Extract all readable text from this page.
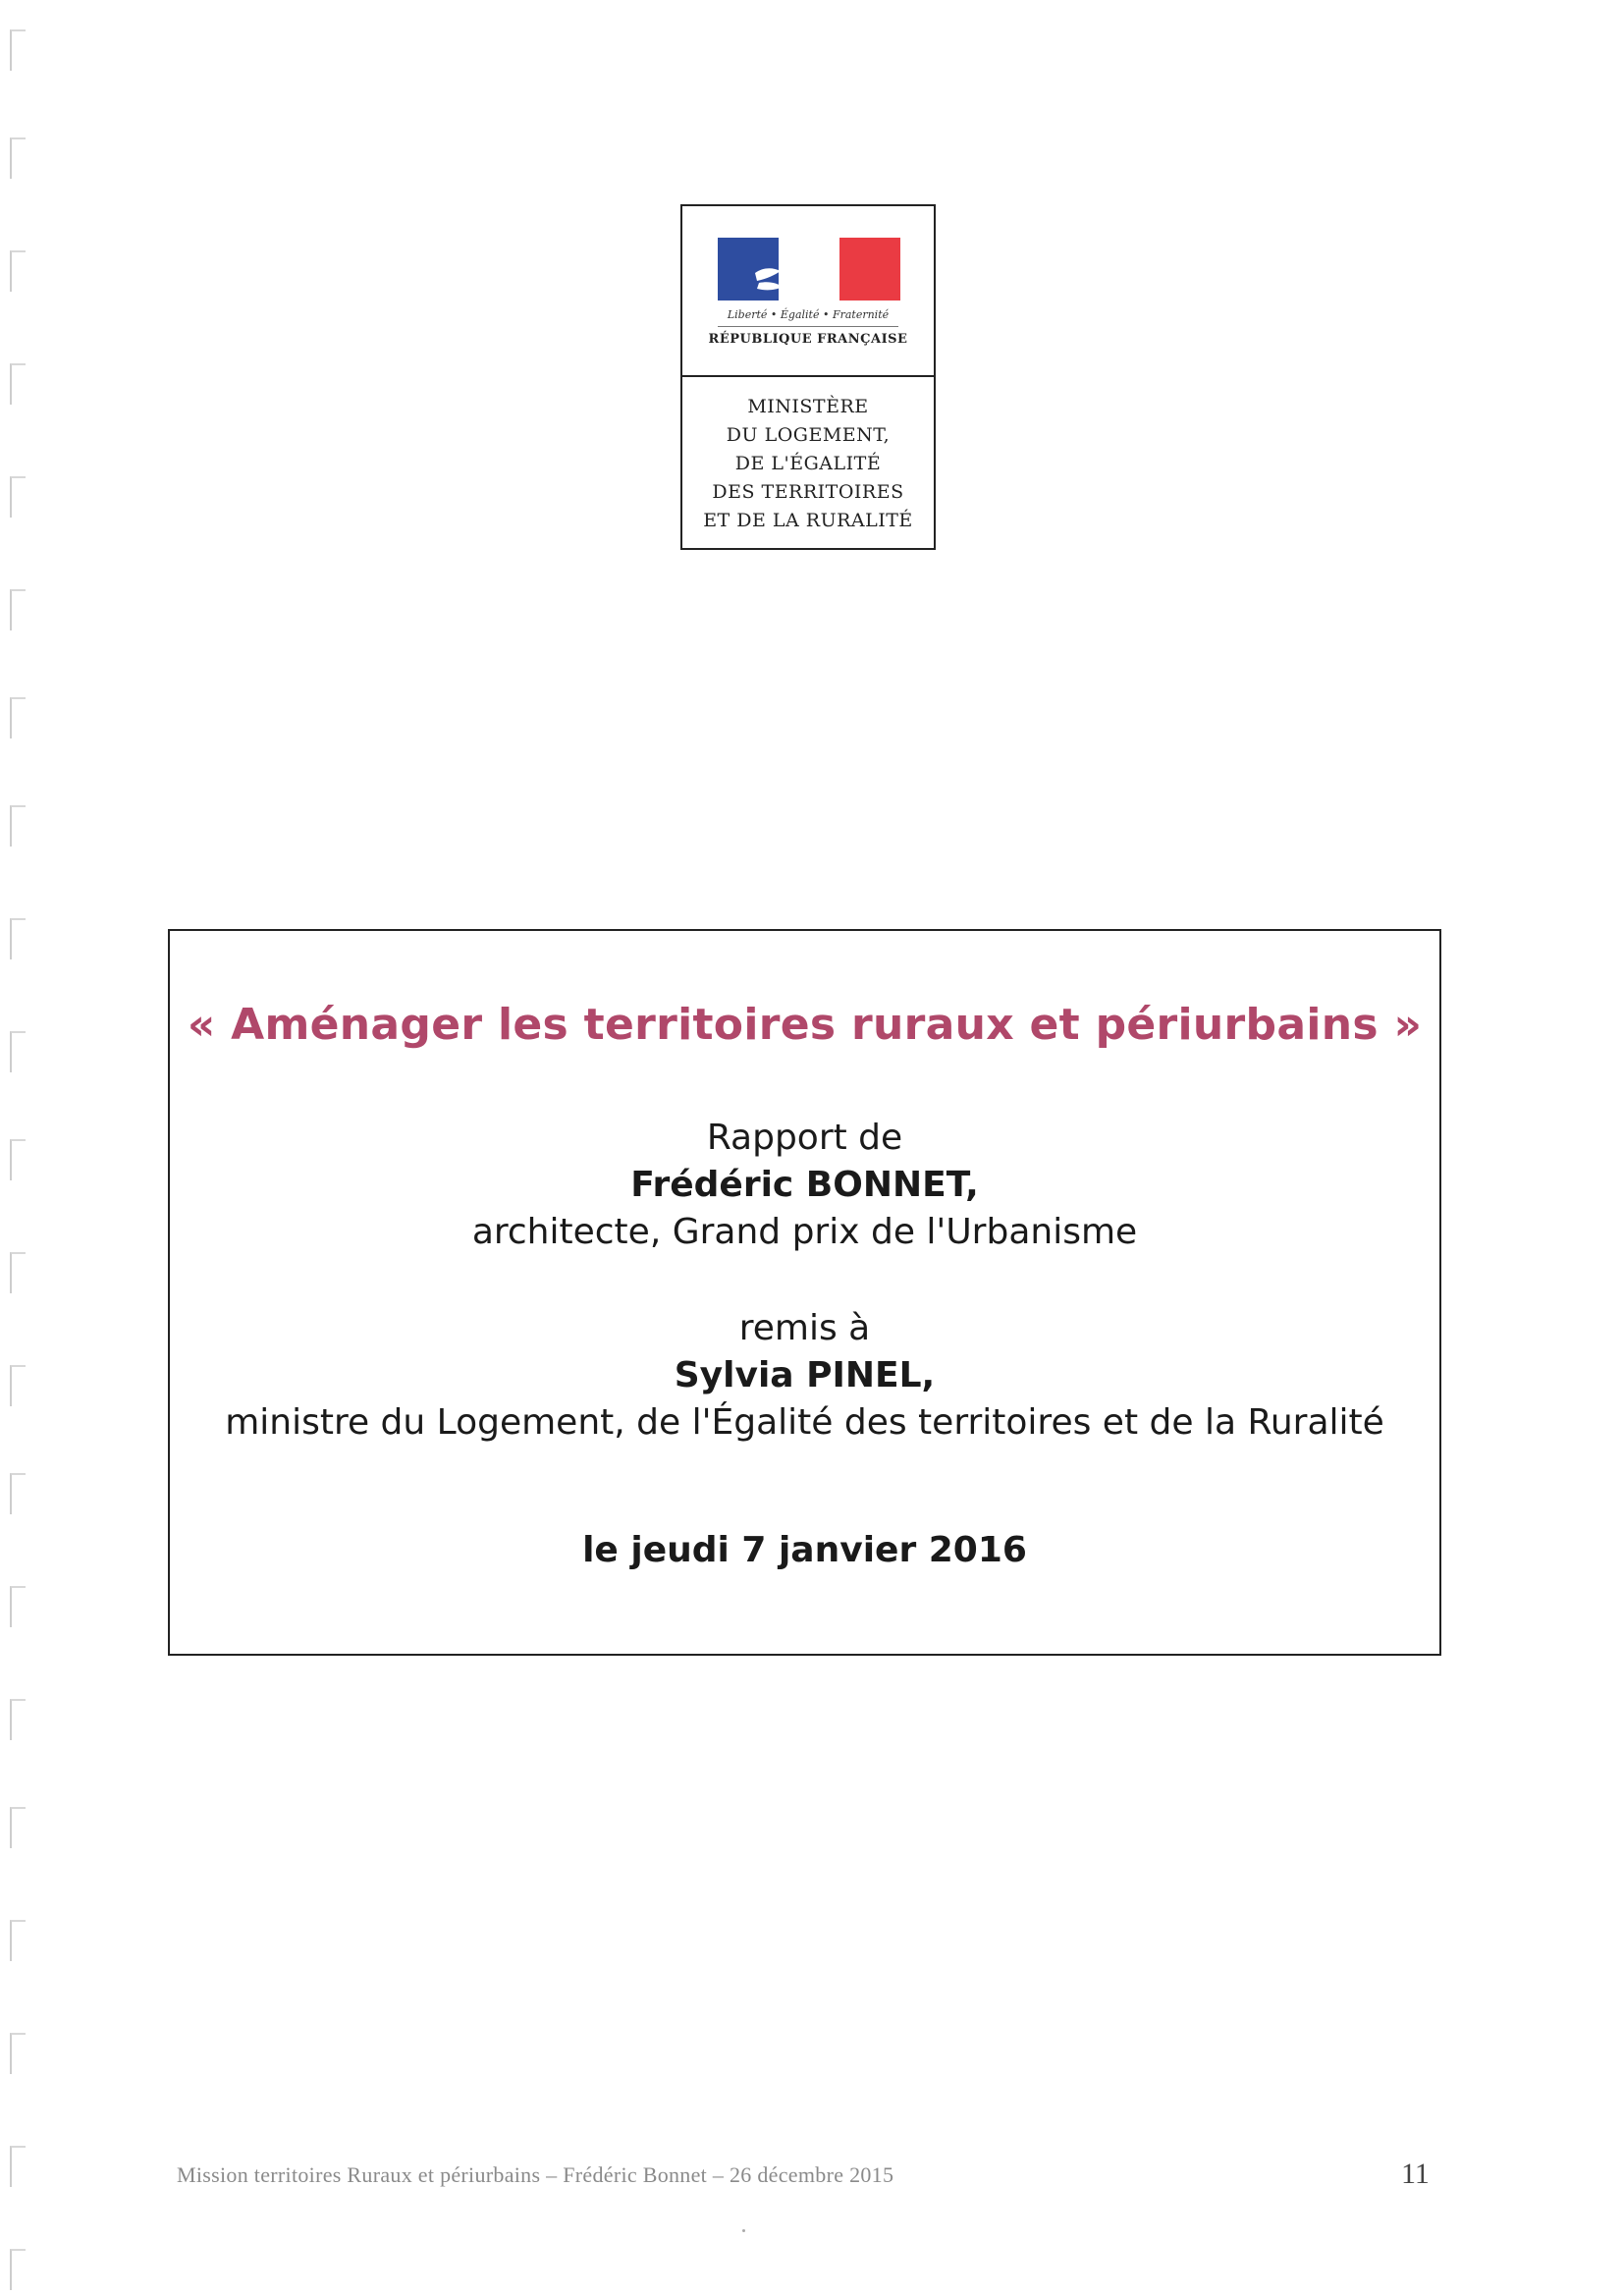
Liberté • Égalité • Fraternité
RÉPUBLIQUE FRANÇAISE
MINISTÈRE
DU LOGEMENT,
DE L'ÉGALITÉ
DES TERRITOIRES
ET DE LA RURALITÉ
« Aménager les territoires ruraux et périurbains »
Rapport de
Frédéric BONNET,
architecte, Grand prix de l'Urbanisme
remis à
Sylvia PINEL,
ministre du Logement, de l'Égalité des territoires et de la Ruralité
le jeudi 7 janvier 2016
Mission territoires Ruraux et périurbains – Frédéric Bonnet – 26 décembre 2015	11
